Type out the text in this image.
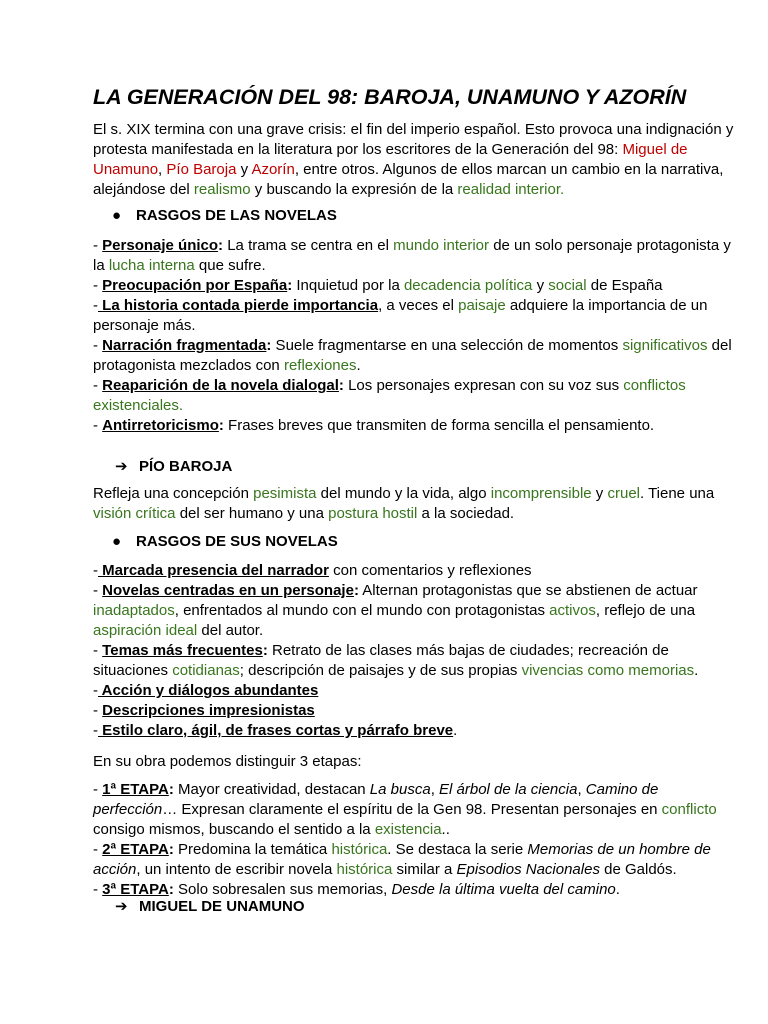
LA GENERACIÓN DEL 98: BAROJA, UNAMUNO Y AZORÍN

El s. XIX termina con una grave crisis: el fin del imperio español. Esto provoca una indignación y protesta manifestada en la literatura por los escritores de la Generación del 98: Miguel de Unamuno, Pío Baroja y Azorín, entre otros. Algunos de ellos marcan un cambio en la narrativa, alejándose del realismo y buscando la expresión de la realidad interior.

● RASGOS DE LAS NOVELAS

- Personaje único: La trama se centra en el mundo interior de un solo personaje protagonista y la lucha interna que sufre.

- Preocupación por España: Inquietud por la decadencia política y social de España

- La historia contada pierde importancia, a veces el paisaje adquiere la importancia de un personaje más.

- Narración fragmentada: Suele fragmentarse en una selección de momentos significativos del protagonista mezclados con reflexiones.

- Reaparición de la novela dialogal: Los personajes expresan con su voz sus conflictos existenciales.

- Antirretoricismo: Frases breves que transmiten de forma sencilla el pensamiento.

➔ PÍO BAROJA

Refleja una concepción pesimista del mundo y la vida, algo incomprensible y cruel. Tiene una visión crítica del ser humano y una postura hostil a la sociedad.

● RASGOS DE SUS NOVELAS

- Marcada presencia del narrador con comentarios y reflexiones

- Novelas centradas en un personaje: Alternan protagonistas que se abstienen de actuar inadaptados, enfrentados al mundo con el mundo con protagonistas activos, reflejo de una aspiración ideal del autor.

- Temas más frecuentes: Retrato de las clases más bajas de ciudades; recreación de situaciones cotidianas; descripción de paisajes y de sus propias vivencias como memorias.

- Acción y diálogos abundantes

- Descripciones impresionistas

- Estilo claro, ágil, de frases cortas y párrafo breve.

En su obra podemos distinguir 3 etapas:

- 1ª ETAPA: Mayor creatividad, destacan La busca, El árbol de la ciencia, Camino de perfección… Expresan claramente el espíritu de la Gen 98. Presentan personajes en conflicto consigo mismos, buscando el sentido a la existencia..

- 2ª ETAPA: Predomina la temática histórica. Se destaca la serie Memorias de un hombre de acción, un intento de escribir novela histórica similar a Episodios Nacionales de Galdós.

- 3ª ETAPA: Solo sobresalen sus memorias, Desde la última vuelta del camino.

➔ MIGUEL DE UNAMUNO
